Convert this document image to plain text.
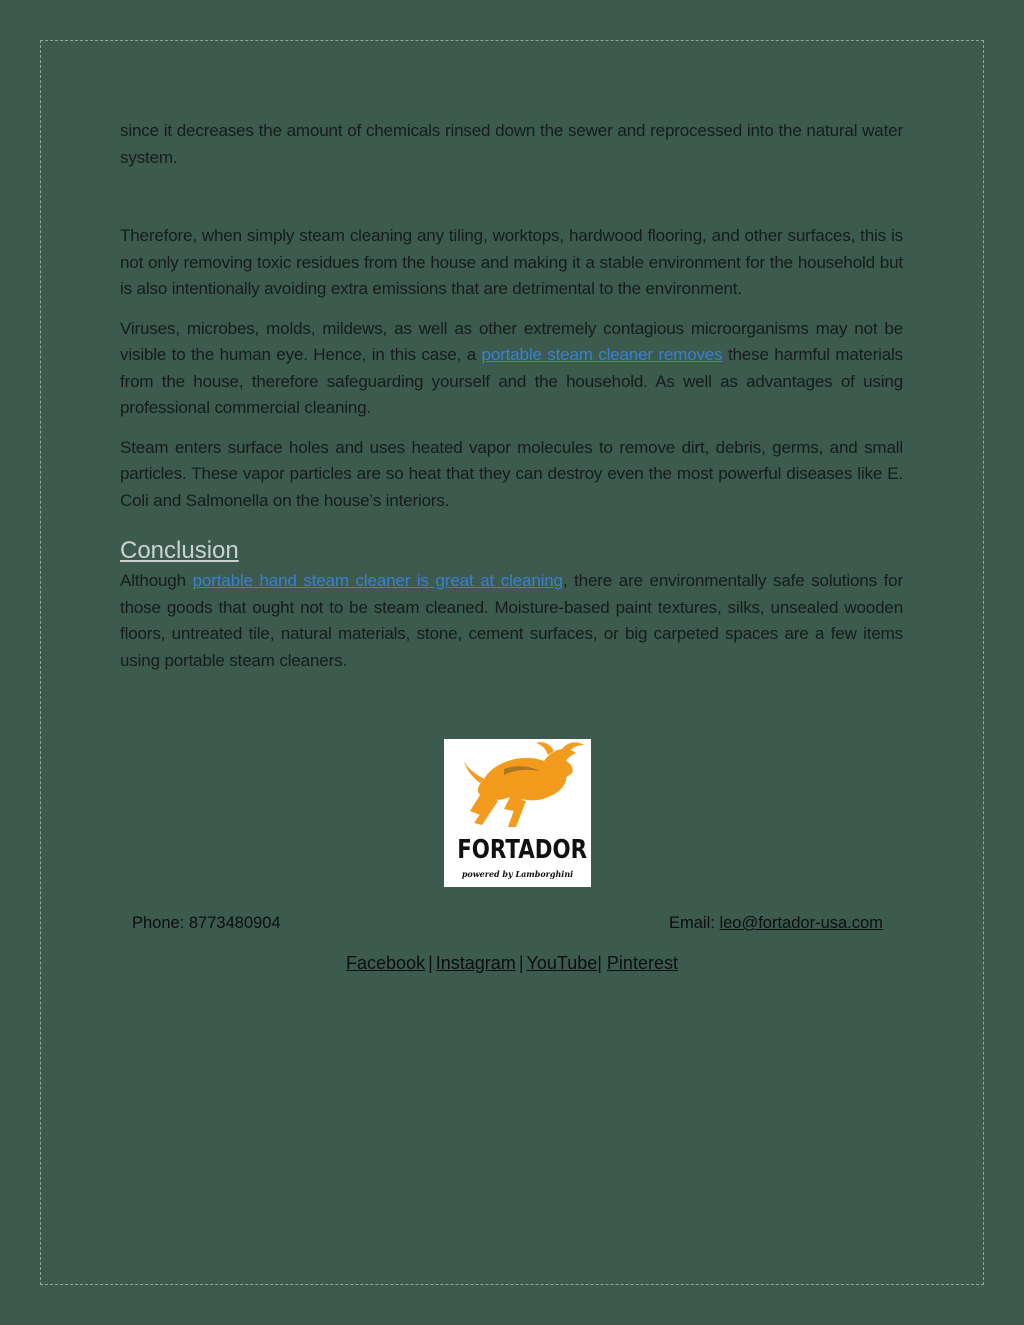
since it decreases the amount of chemicals rinsed down the sewer and reprocessed into the natural water system.

Therefore, when simply steam cleaning any tiling, worktops, hardwood flooring, and other surfaces, this is not only removing toxic residues from the house and making it a stable environment for the household but is also intentionally avoiding extra emissions that are detrimental to the environment.

Viruses, microbes, molds, mildews, as well as other extremely contagious microorganisms may not be visible to the human eye. Hence, in this case, a portable steam cleaner removes these harmful materials from the house, therefore safeguarding yourself and the household. As well as advantages of using professional commercial cleaning.

Steam enters surface holes and uses heated vapor molecules to remove dirt, debris, germs, and small particles. These vapor particles are so heat that they can destroy even the most powerful diseases like E. Coli and Salmonella on the house’s interiors.

Conclusion

Although portable hand steam cleaner is great at cleaning, there are environmentally safe solutions for those goods that ought not to be steam cleaned. Moisture-based paint textures, silks, unsealed wooden floors, untreated tile, natural materials, stone, cement surfaces, or big carpeted spaces are a few items using portable steam cleaners.

FORTADOR
powered by Lamborghini
Phone: 8773480904	Email: leo@fortador-usa.com
Facebook | Instagram | YouTube| Pinterest
